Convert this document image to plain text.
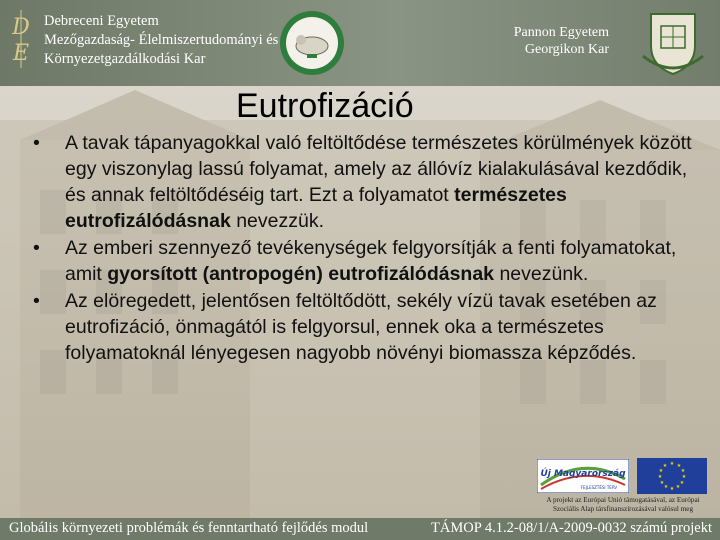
D
E
Debreceni Egyetem
Mezőgazdaság- Élelmiszertudományi és
Környezetgazdálkodási Kar
Pannon Egyetem
Georgikon Kar
Eutrofizáció
• A tavak tápanyagokkal való feltöltődése természetes körülmények között egy viszonylag lassú folyamat, amely az állóvíz kialakulásával kezdődik, és annak feltöltődéséig tart. Ezt a folyamatot természetes eutrofizálódásnak nevezzük.
• Az emberi szennyező tevékenységek felgyorsítják a fenti folyamatokat, amit gyorsított (antropogén) eutrofizálódásnak nevezünk.
• Az elöregedett, jelentősen feltöltődött, sekély vízü tavak esetében az eutrofizáció, önmagától is felgyorsul, ennek oka a természetes folyamatoknál lényegesen nagyobb növényi biomassza képződés.
Új Magyarország
FEJLESZTÉSI TERV
★ ★
★
★
★
★
★
★
★
★
★
★
A projekt az Európai Unió támogatásával, az Európai Szociális Alap társfinanszírozásával valósul meg
Globális környezeti problémák és fenntartható fejlődés modul	TÁMOP 4.1.2-08/1/A-2009-0032 számú projekt
